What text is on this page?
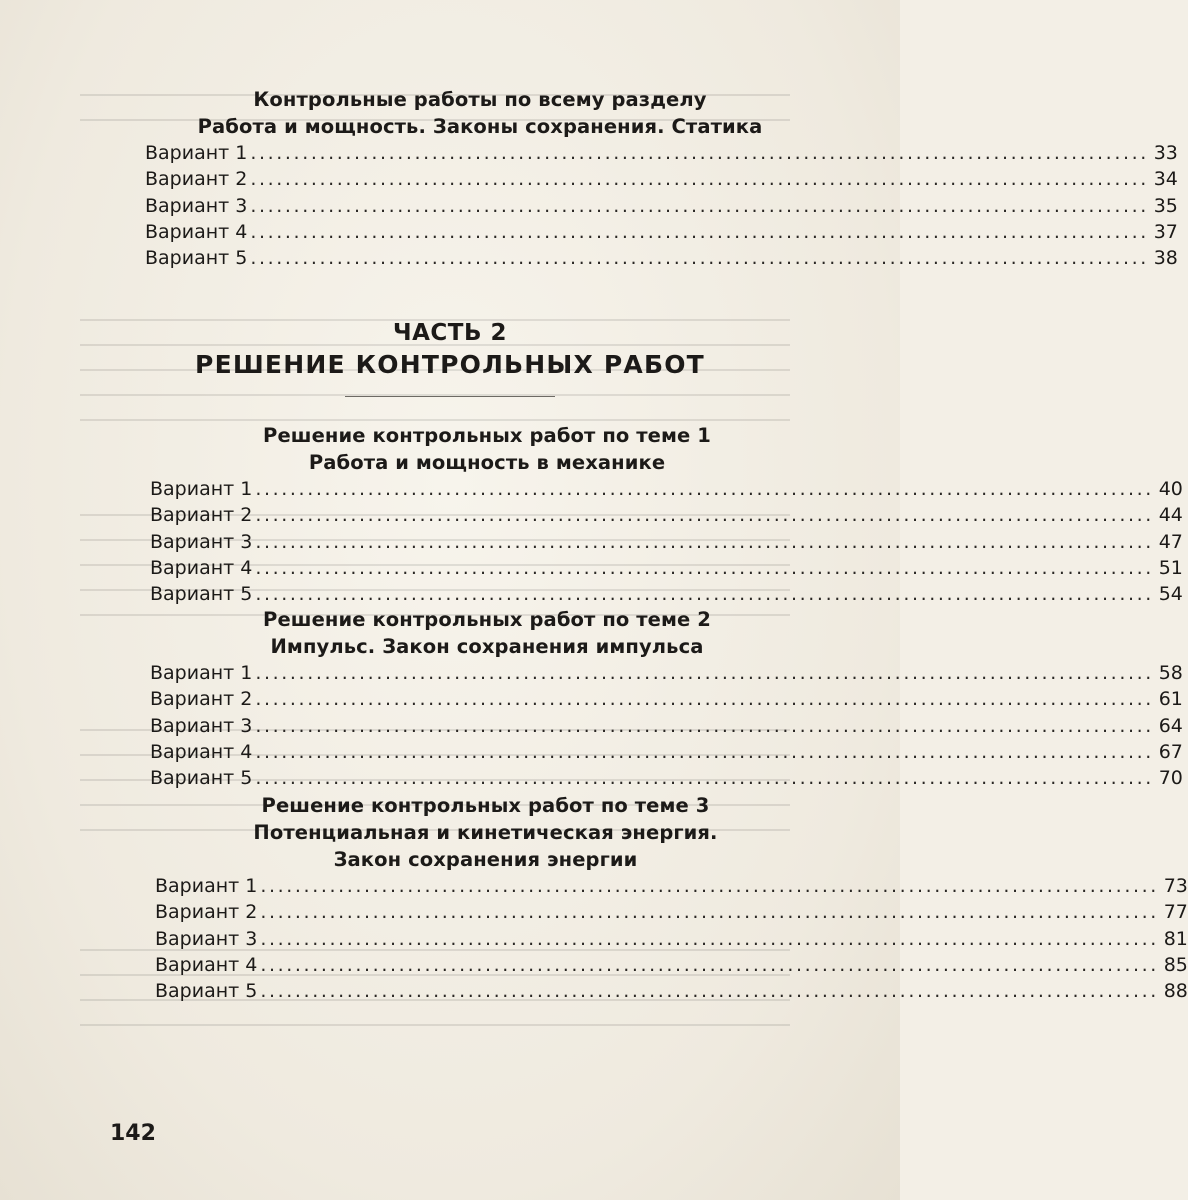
Контрольные работы по всему разделу
Работа и мощность. Законы сохранения. Статика
Вариант 1 ........................................................................................................ 33
Вариант 2 ........................................................................................................ 34
Вариант 3 ........................................................................................................ 35
Вариант 4 ........................................................................................................ 37
Вариант 5 ........................................................................................................ 38
ЧАСТЬ 2
РЕШЕНИЕ КОНТРОЛЬНЫХ РАБОТ
Решение контрольных работ по теме 1
Работа и мощность в механике
Вариант 1 ........................................................................................................ 40
Вариант 2 ........................................................................................................ 44
Вариант 3 ........................................................................................................ 47
Вариант 4 ........................................................................................................ 51
Вариант 5 ........................................................................................................ 54
Решение контрольных работ по теме 2
Импульс. Закон сохранения импульса
Вариант 1 ........................................................................................................ 58
Вариант 2 ........................................................................................................ 61
Вариант 3 ........................................................................................................ 64
Вариант 4 ........................................................................................................ 67
Вариант 5 ........................................................................................................ 70
Решение контрольных работ по теме 3
Потенциальная и кинетическая энергия.
Закон сохранения энергии
Вариант 1 ........................................................................................................ 73
Вариант 2 ........................................................................................................ 77
Вариант 3 ........................................................................................................ 81
Вариант 4 ........................................................................................................ 85
Вариант 5 ........................................................................................................ 88
142
